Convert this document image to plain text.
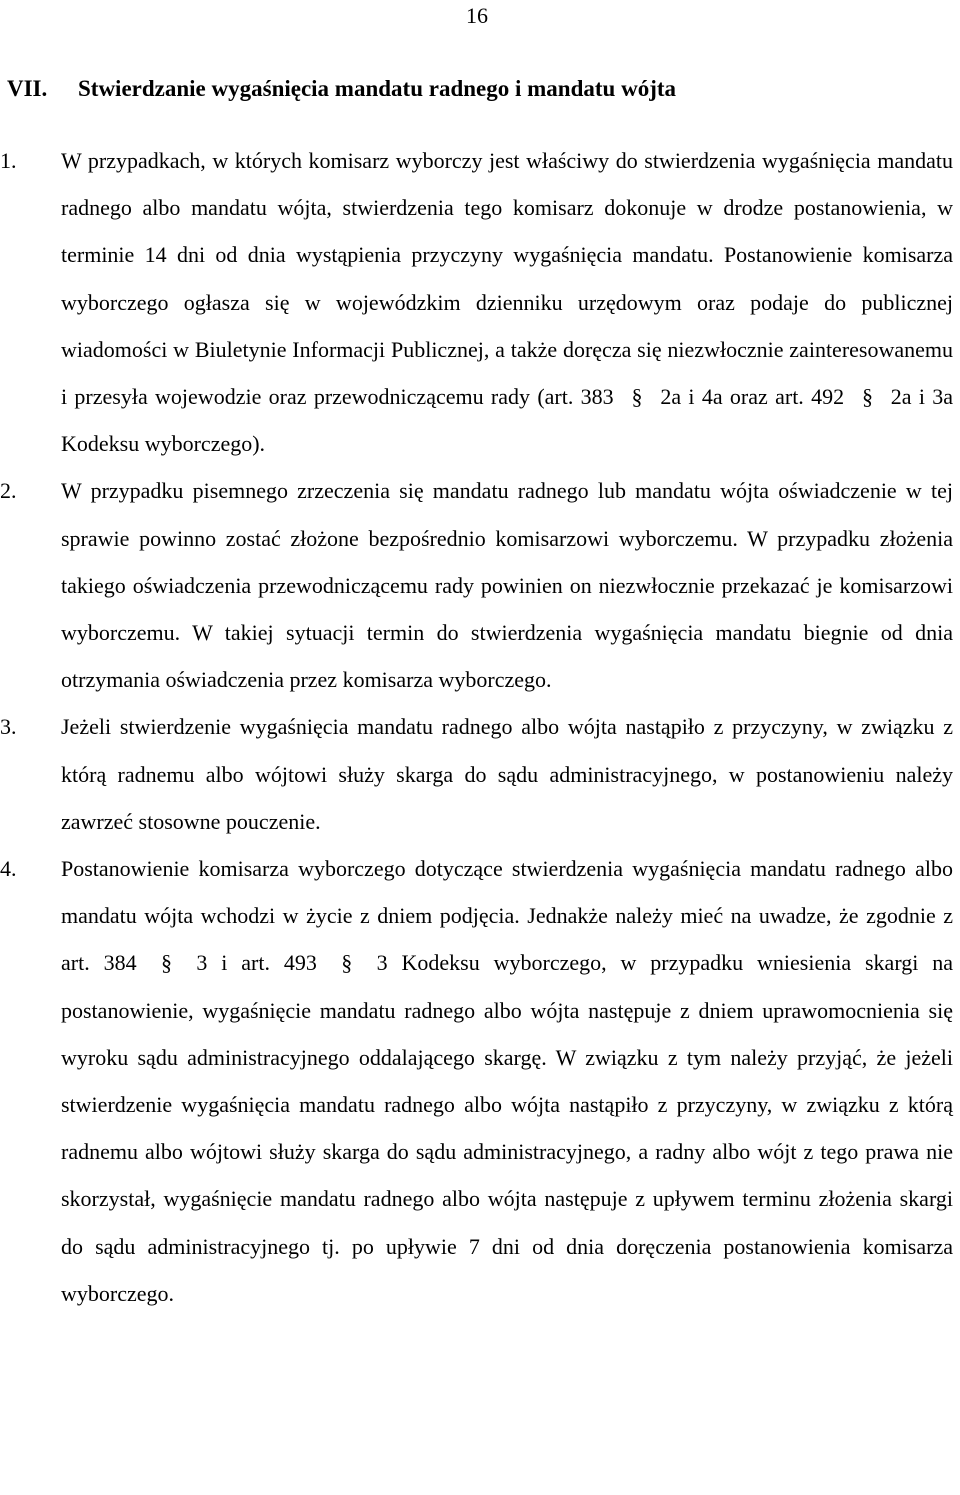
16
VII. Stwierdzanie wygaśnięcia mandatu radnego i mandatu wójta
1. W przypadkach, w których komisarz wyborczy jest właściwy do stwierdzenia wygaśnięcia mandatu radnego albo mandatu wójta, stwierdzenia tego komisarz dokonuje w drodze postanowienia, w terminie 14 dni od dnia wystąpienia przyczyny wygaśnięcia mandatu. Postanowienie komisarza wyborczego ogłasza się w wojewódzkim dzienniku urzędowym oraz podaje do publicznej wiadomości w Biuletynie Informacji Publicznej, a także doręcza się niezwłocznie zainteresowanemu i przesyła wojewodzie oraz przewodniczącemu rady (art. 383 § 2a i 4a oraz art. 492 § 2a i 3a Kodeksu wyborczego).
2. W przypadku pisemnego zrzeczenia się mandatu radnego lub mandatu wójta oświadczenie w tej sprawie powinno zostać złożone bezpośrednio komisarzowi wyborczemu. W przypadku złożenia takiego oświadczenia przewodniczącemu rady powinien on niezwłocznie przekazać je komisarzowi wyborczemu. W takiej sytuacji termin do stwierdzenia wygaśnięcia mandatu biegnie od dnia otrzymania oświadczenia przez komisarza wyborczego.
3. Jeżeli stwierdzenie wygaśnięcia mandatu radnego albo wójta nastąpiło z przyczyny, w związku z którą radnemu albo wójtowi służy skarga do sądu administracyjnego, w postanowieniu należy zawrzeć stosowne pouczenie.
4. Postanowienie komisarza wyborczego dotyczące stwierdzenia wygaśnięcia mandatu radnego albo mandatu wójta wchodzi w życie z dniem podjęcia. Jednakże należy mieć na uwadze, że zgodnie z art. 384 § 3 i art. 493 § 3 Kodeksu wyborczego, w przypadku wniesienia skargi na postanowienie, wygaśnięcie mandatu radnego albo wójta następuje z dniem uprawomocnienia się wyroku sądu administracyjnego oddalającego skargę. W związku z tym należy przyjąć, że jeżeli stwierdzenie wygaśnięcia mandatu radnego albo wójta nastąpiło z przyczyny, w związku z którą radnemu albo wójtowi służy skarga do sądu administracyjnego, a radny albo wójt z tego prawa nie skorzystał, wygaśnięcie mandatu radnego albo wójta następuje z upływem terminu złożenia skargi do sądu administracyjnego tj. po upływie 7 dni od dnia doręczenia postanowienia komisarza wyborczego.
